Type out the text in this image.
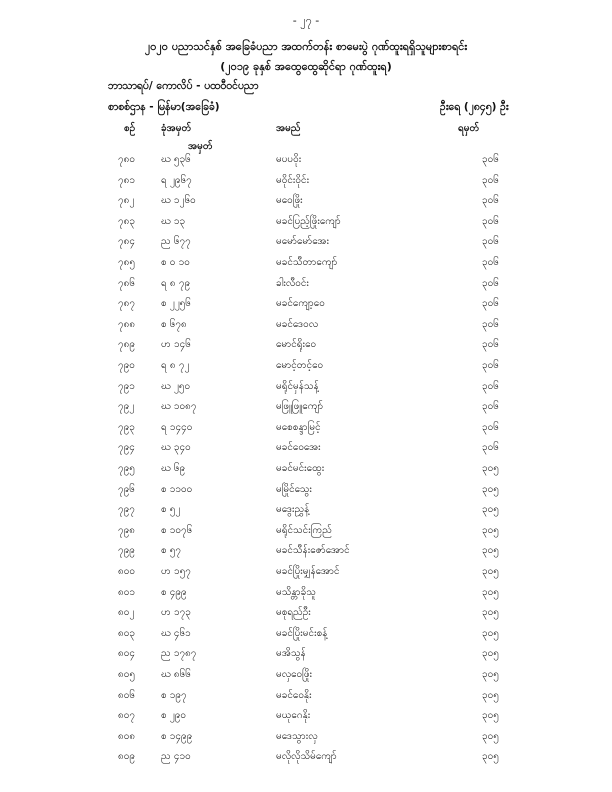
- ၂၇ -
၂၀၂၀ ပညာသင်နှစ် အခြေခံပညာ အထက်တန်း စာမေးပွဲ ဂုဏ်ထူးရရှိသူများစာရင်း
(၂၀၁၉ ခုနှစ် အထွေထွေဆိုင်ရာ ဂုဏ်ထူးရ)
ဘာသာရပ်/ ကောလိပ် - ပထဝီဝင်ပညာ
စာစစ်ဌာန - မြန်မာ(အခြေခံ)	ဦးရေ (၂၈၄၅) ဦး
စဉ်	ခုံအမှတ်
အမှတ်
အမည်	ရမှတ်
၇၈၀	ဃ ၅၃၆	မပပဝိုး	၃၀၆
၇၈၁	ရ ၂၉၆၇	မဝိုင်းဝိုင်း	၃၀၆
၇၈၂	ဃ ၁၂၆၀	မဝေဖြိုး	၃၀၆
၇၈၃	ဃ ၁၃	မခင်ပြည့်ဖြိုးကျော်	၃၀၆
၇၈၄	ည ၆၇၇	မမော်မော်အေး	၃၀၆
၇၈၅	စ ၀ ၁၀	မခင်သီတာကျော်	၃၀၆
၇၈၆	ရ ၈ ၇၉	ခါးလီဝင်း	၃၀၆
၇၈၇	စ ၂၂၅၆	မခင်ကျော့ဝေ	၃၀၆
၇၈၈	စ ၆၇၈	မခင်ဒေဝလ	၃၀၆
၇၈၉	ဟ ၁၄၆	မောင်ရိုးဝေ	၃၀၆
၇၉၀	ရ ၈ ၇၂	မောင့်တင့်ဝေ	၃၀၆
၇၉၁	ဃ ၂၅၀	မရိုင်မှန်သန့်	၃၀၆
၇၉၂	ဃ ၁၀၈၇	မဖြူဖြူကျော်	၃၀၆
၇၉၃	ရ ၁၄၄၀	မစေစန္ဒာမြင့်	၃၀၆
၇၉၄	ဃ ၃၄၀	မခင်ဝေအေး	၃၀၆
၇၉၅	ဃ ၆၉	မခင်မင်းထွေး	၃၀၅
၇၉၆	စ ၁၁၀၀	မမြိုင်သွေး	၃၀၅
၇၉၇	စ ၅၂	မဒွေးညွှန့်	၃၀၅
၇၉၈	စ ၁၀၇၆	မရိုင်သင်းကြည်	၃၀၅
၇၉၉	စ ၅၇	မခင်သီန်းဇော်အောင်	၃၀၅
၈၀၀	ဟ ၁၅၇	မခင်ပြိုးမျှန်အောင်	၃၀၅
၈၀၁	စ ၄၉၉	မသိန္တာခိုသူ	၃၀၅
၈၀၂	ဟ ၁၇၃	မစုရည်ဦး	၃၀၅
၈၀၃	ဃ ၄၆၁	မခင်ပြိုးမင်းစန့်	၃၀၅
၈၀၄	ည ၁၇၈၇	မအိသွန်	၃၀၅
၈၀၅	ဃ ၈၆၆	မလှဝေဖြိုး	၃၀၅
၈၀၆	စ ၁၉၇	မခင်ဝေနိုး	၃၀၅
၈၀၇	စ ၂၉၀	မယုဂေနိုး	၃၀၅
၈၀၈	စ ၁၄၉၉	မဒေသွားလှ	၃၀၅
၈၀၉	ည ၄၁၀	မလိုလိုသိမ်ကျော်	၃၀၅
